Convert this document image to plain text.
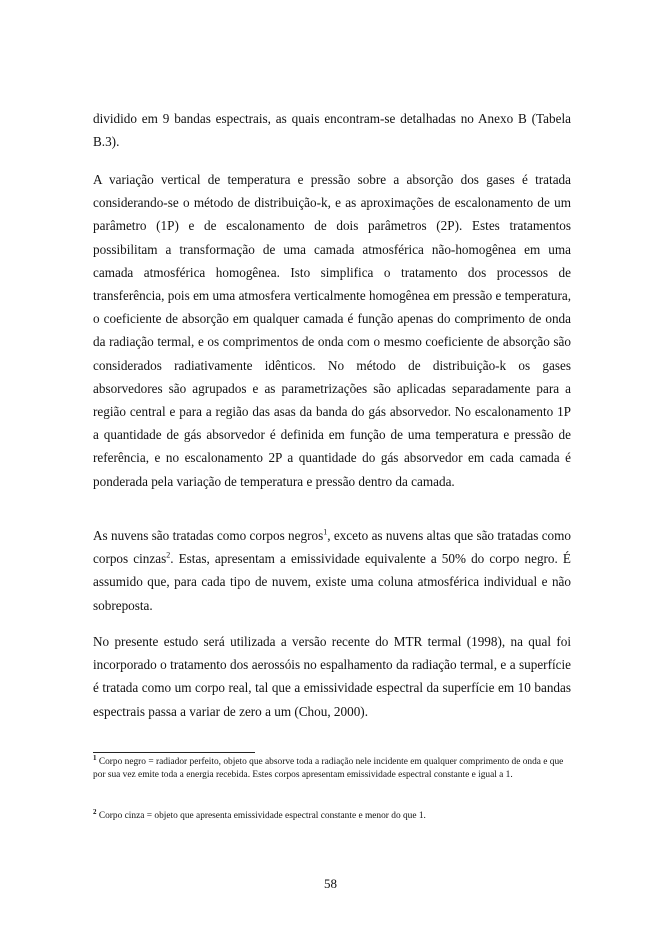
dividido em 9 bandas espectrais, as quais encontram-se detalhadas no Anexo B (Tabela B.3).

A variação vertical de temperatura e pressão sobre a absorção dos gases é tratada considerando-se o método de distribuição-k, e as aproximações de escalonamento de um parâmetro (1P) e de escalonamento de dois parâmetros (2P). Estes tratamentos possibilitam a transformação de uma camada atmosférica não-homogênea em uma camada atmosférica homogênea. Isto simplifica o tratamento dos processos de transferência, pois em uma atmosfera verticalmente homogênea em pressão e temperatura, o coeficiente de absorção em qualquer camada é função apenas do comprimento de onda da radiação termal, e os comprimentos de onda com o mesmo coeficiente de absorção são considerados radiativamente idênticos. No método de distribuição-k os gases absorvedores são agrupados e as parametrizações são aplicadas separadamente para a região central e para a região das asas da banda do gás absorvedor. No escalonamento 1P a quantidade de gás absorvedor é definida em função de uma temperatura e pressão de referência, e no escalonamento 2P a quantidade do gás absorvedor em cada camada é ponderada pela variação de temperatura e pressão dentro da camada.

As nuvens são tratadas como corpos negros$^1$, exceto as nuvens altas que são tratadas como corpos cinzas$^2$. Estas, apresentam a emissividade equivalente a 50% do corpo negro. É assumido que, para cada tipo de nuvem, existe uma coluna atmosférica individual e não sobreposta.

No presente estudo será utilizada a versão recente do MTR termal (1998), na qual foi incorporado o tratamento dos aerossóis no espalhamento da radiação termal, e a superfície é tratada como um corpo real, tal que a emissividade espectral da superfície em 10 bandas espectrais passa a variar de zero a um (Chou, 2000).

$^1$ Corpo negro = radiador perfeito, objeto que absorve toda a radiação nele incidente em qualquer comprimento de onda e que por sua vez emite toda a energia recebida. Estes corpos apresentam emissividade espectral constante e igual a 1.

$^2$ Corpo cinza = objeto que apresenta emissividade espectral constante e menor do que 1.

58
